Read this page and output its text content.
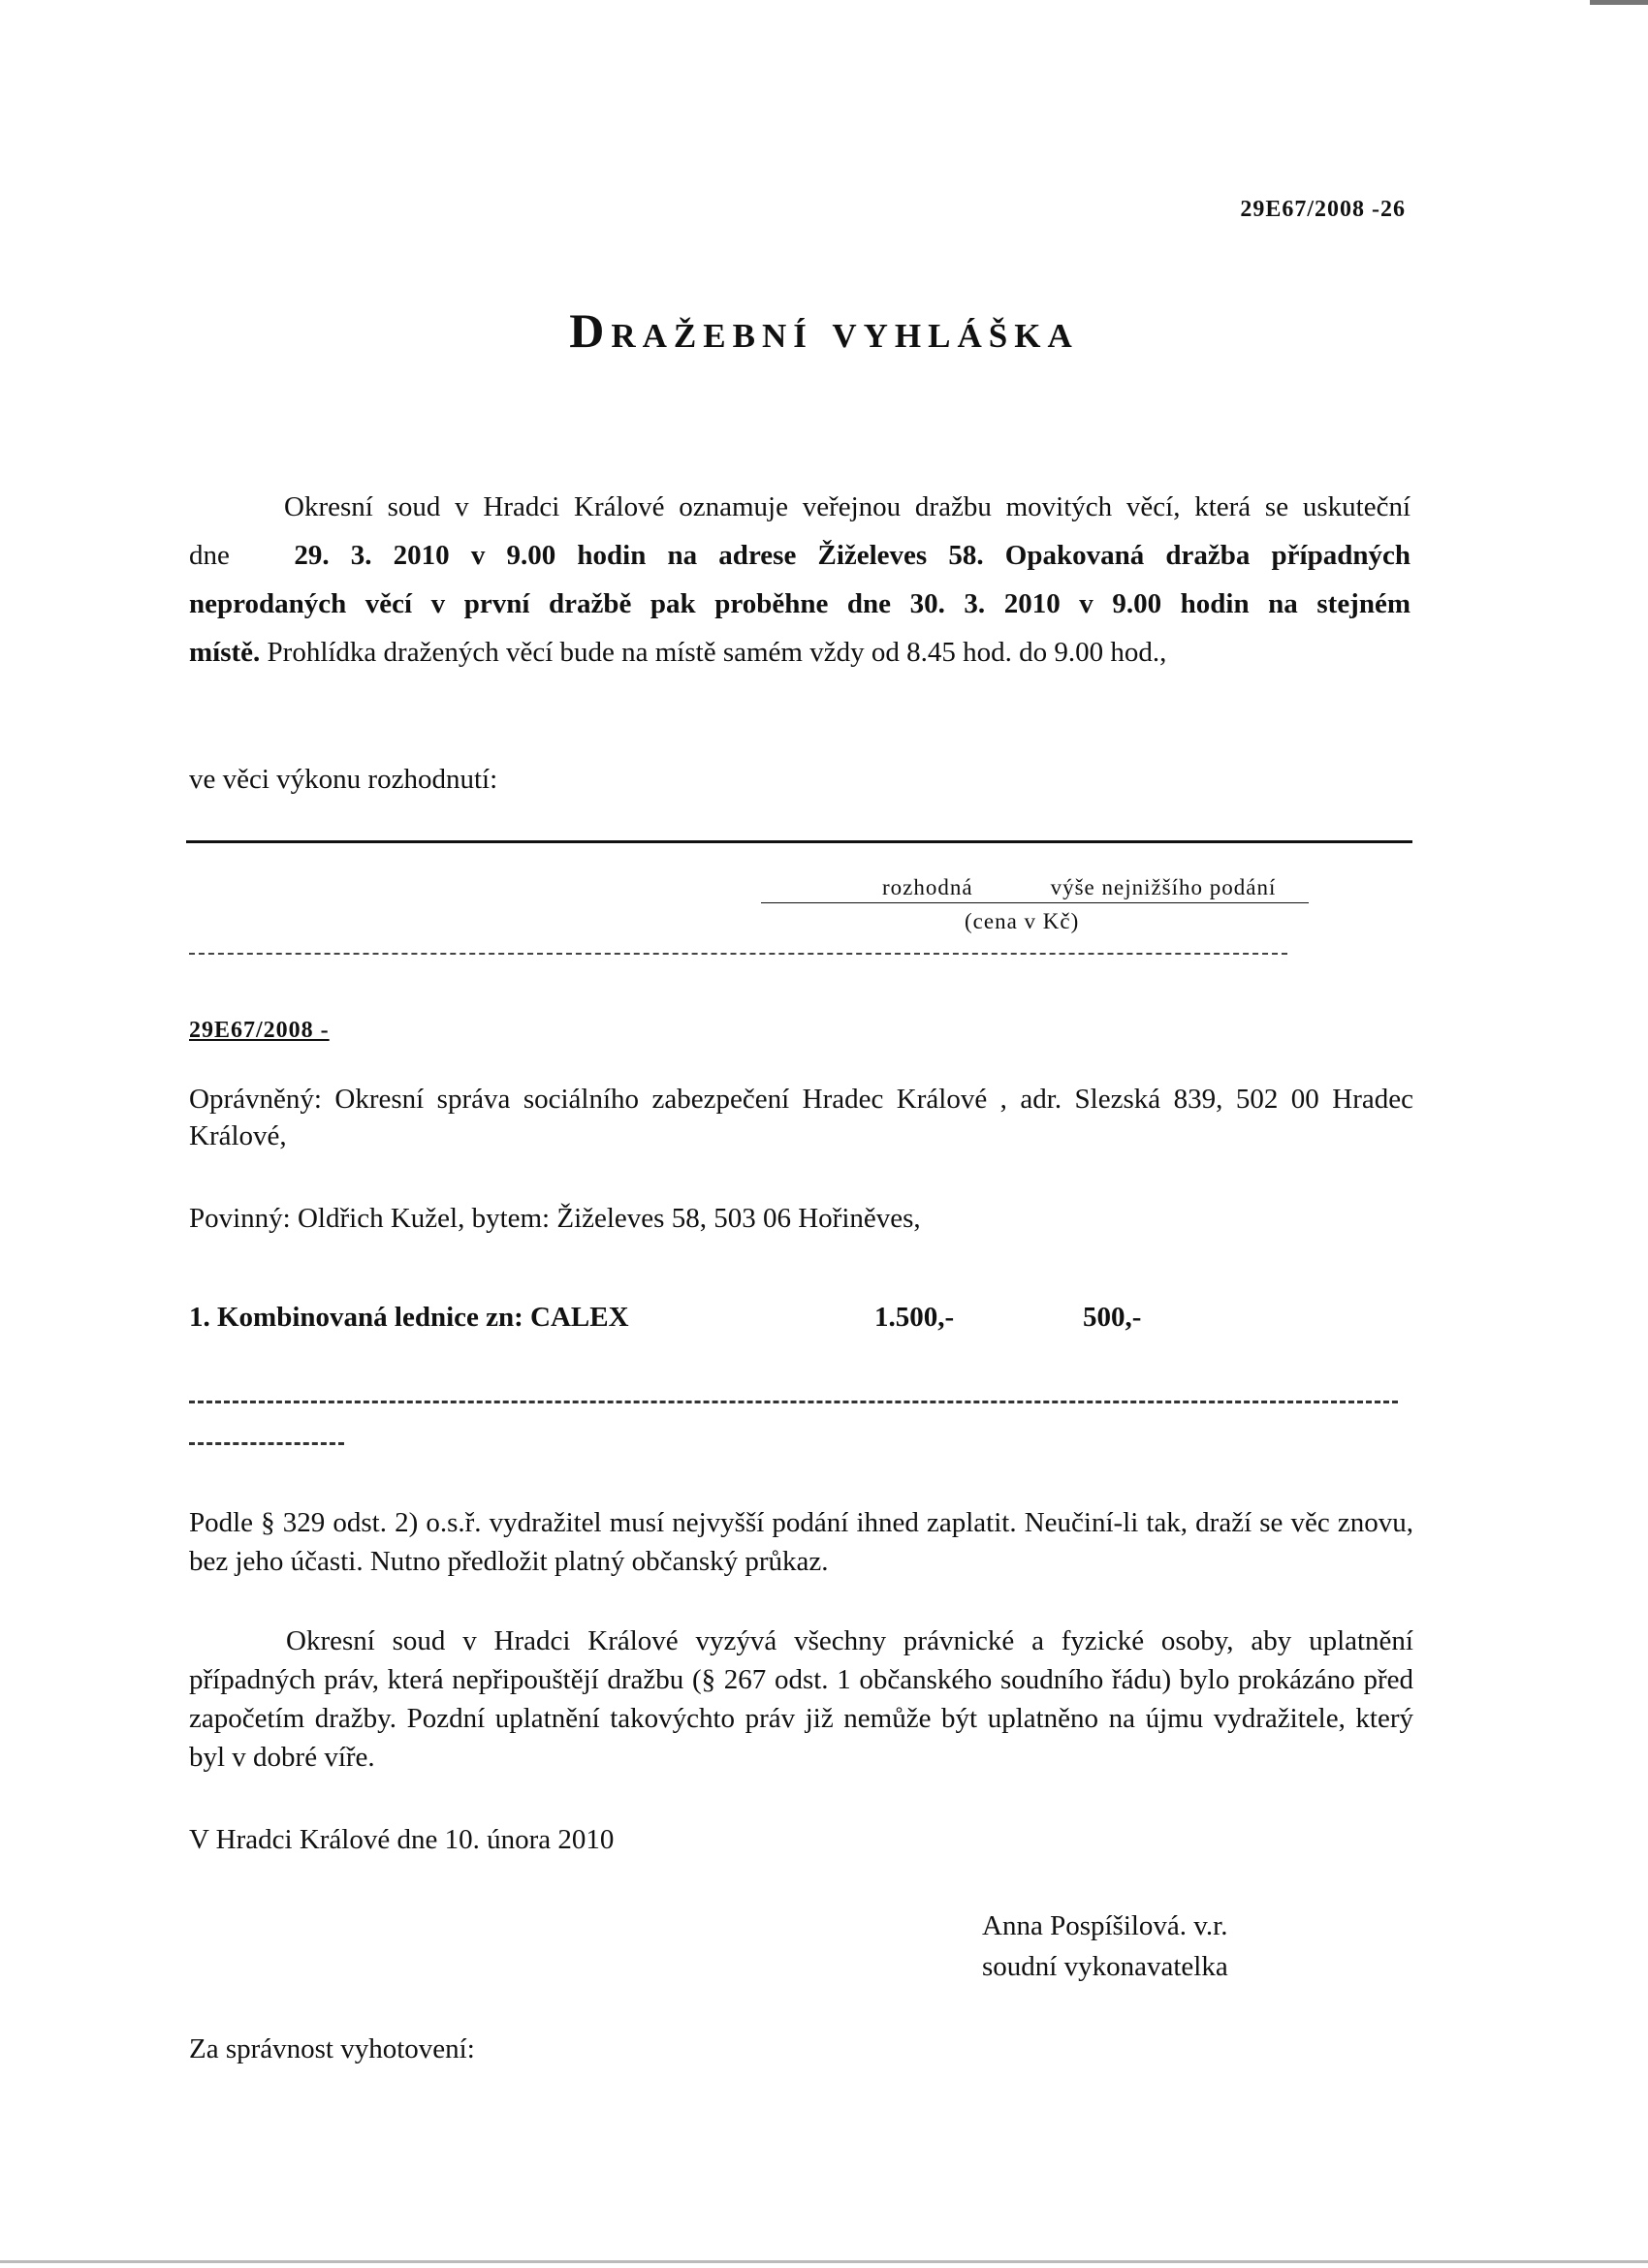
29E67/2008 -26
Dražební vyhláška
Okresní soud v Hradci Králové oznamuje veřejnou dražbu movitých věcí, která se uskuteční
dne 29. 3. 2010 v 9.00 hodin na adrese Žiželeves 58. Opakovaná dražba případných
neprodaných věcí v první dražbě pak proběhne dne 30. 3. 2010 v 9.00 hodin na stejném
místě. Prohlídka dražených věcí bude na místě samém vždy od 8.45 hod. do 9.00 hod.,
ve věci výkonu rozhodnutí:
rozhodná	výše nejnižšího podání
(cena v Kč)
29E67/2008 -
Oprávněný: Okresní správa sociálního zabezpečení Hradec Králové , adr. Slezská 839, 502 00 Hradec Králové,
Povinný: Oldřich Kužel, bytem: Žiželeves 58, 503 06 Hořiněves,
1. Kombinovaná lednice zn: CALEX	1.500,-	500,-
Podle § 329 odst. 2) o.s.ř. vydražitel musí nejvyšší podání ihned zaplatit. Neučiní-li tak, draží se věc znovu, bez jeho účasti. Nutno předložit platný občanský průkaz.

Okresní soud v Hradci Králové vyzývá všechny právnické a fyzické osoby, aby uplatnění případných práv, která nepřipouštějí dražbu (§ 267 odst. 1 občanského soudního řádu) bylo prokázáno před započetím dražby. Pozdní uplatnění takovýchto práv již nemůže být uplatněno na újmu vydražitele, který byl v dobré víře.

V Hradci Králové dne 10. února 2010
Anna Pospíšilová. v.r.
soudní vykonavatelka
Za správnost vyhotovení:
